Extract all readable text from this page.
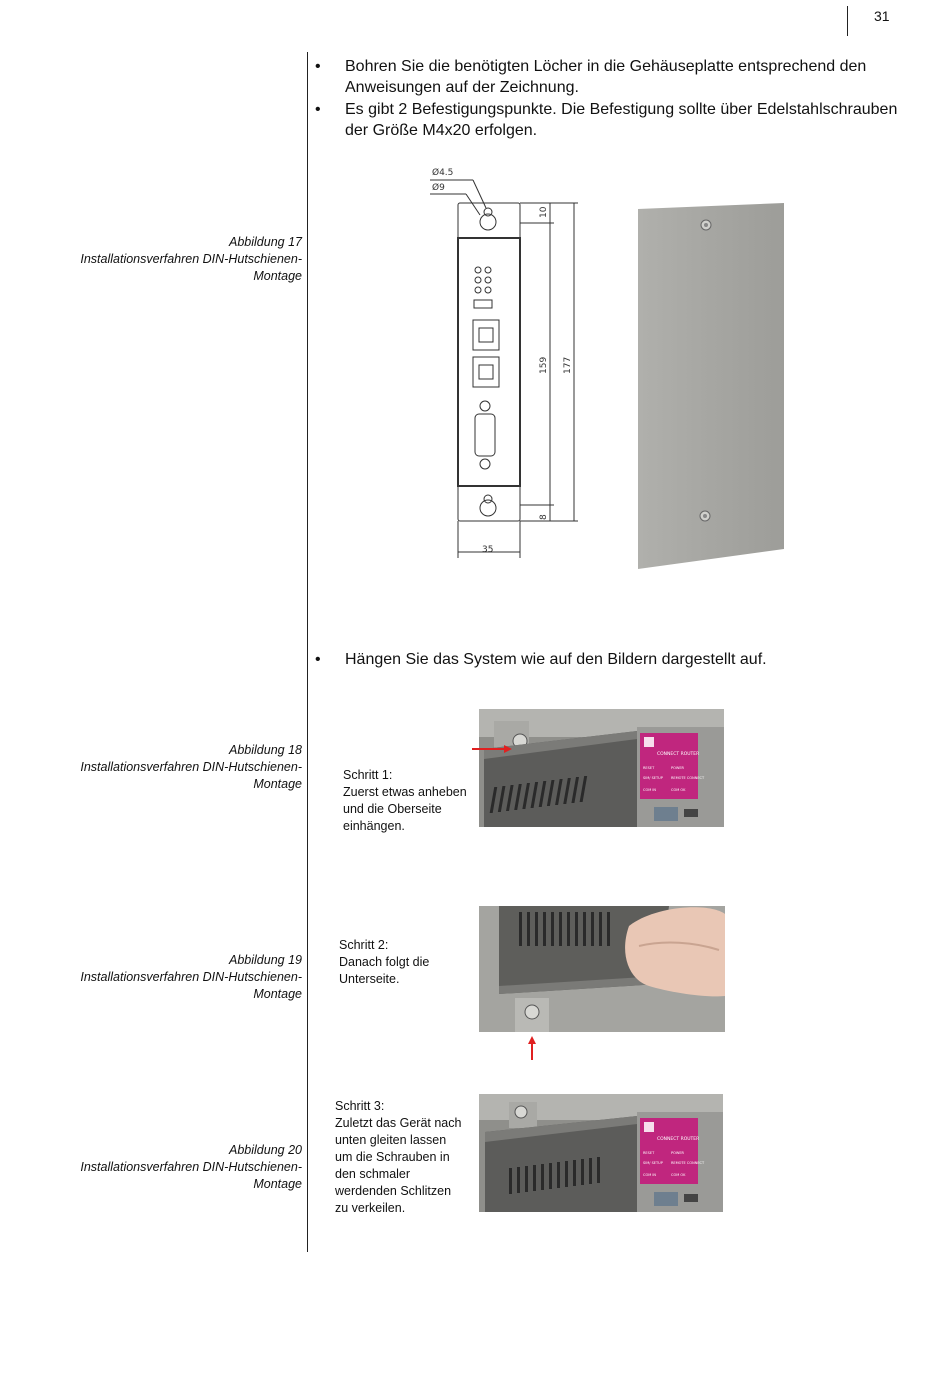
31
• Bohren Sie die benötigten Löcher in die Gehäuseplatte entsprechend den
Anweisungen auf der Zeichnung.
• Es gibt 2 Befestigungspunkte. Die Befestigung sollte über Edelstahlschrauben
der Größe M4x20 erfolgen.
Abbildung 17
Installationsverfahren DIN-Hutschienen-
Montage
Ø4.5
Ø9
35
10
159 177
8
• Hängen Sie das System wie auf den Bildern dargestellt auf.
Abbildung 18
Installationsverfahren DIN-Hutschienen-
Montage
Schritt 1:
Zuerst etwas anheben
und die Oberseite
einhängen.
CONNECT ROUTER
RESET	POWER
SIM/ SETUP REMOTE CONNECT
COM IN	COM OK
Abbildung 19
Installationsverfahren DIN-Hutschienen-
Montage
Schritt 2:
Danach folgt die
Unterseite.
Schritt 3:
Zuletzt das Gerät nach
unten gleiten lassen
um die Schrauben in
den schmaler
werdenden Schlitzen
zu verkeilen.
Abbildung 20
Installationsverfahren DIN-Hutschienen-
Montage
CONNECT ROUTER
RESET	POWER
SIM/ SETUP REMOTE CONNECT
COM IN	COM OK
